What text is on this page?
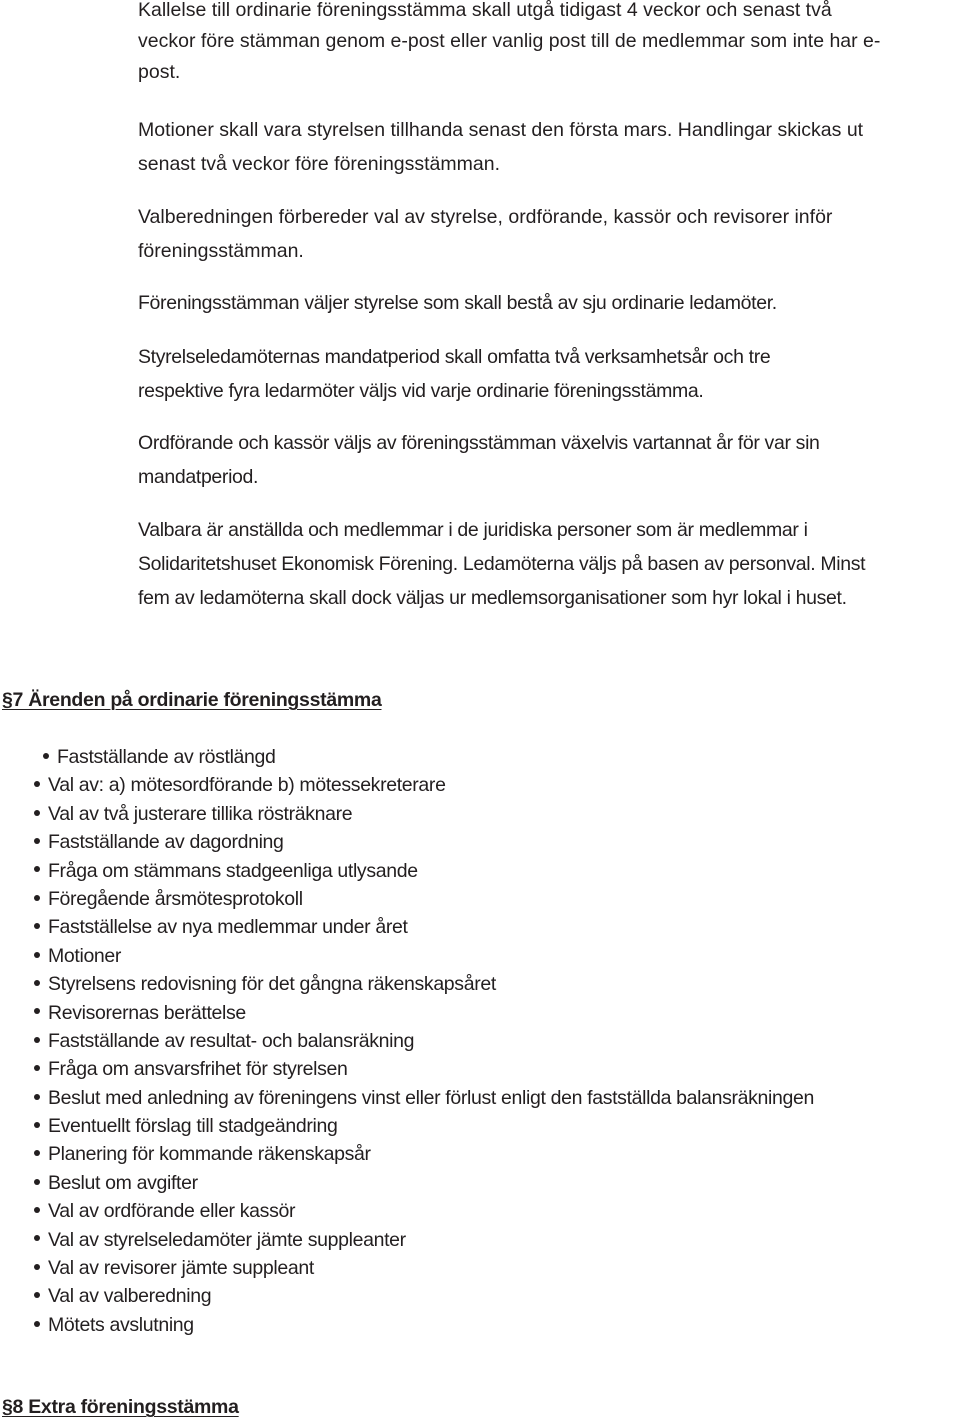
Kallelse till ordinarie föreningsstämma skall utgå tidigast 4 veckor och senast två
veckor före stämman genom e-post eller vanlig post till de medlemmar som inte har e-
post.

Motioner skall vara styrelsen tillhanda senast den första mars. Handlingar skickas ut
senast två veckor före föreningsstämman.

Valberedningen förbereder val av styrelse, ordförande, kassör och revisorer inför
föreningsstämman.

Föreningsstämman väljer styrelse som skall bestå av sju ordinarie ledamöter.

Styrelseledamöternas mandatperiod skall omfatta två verksamhetsår och tre
respektive fyra ledarmöter väljs vid varje ordinarie föreningsstämma.

Ordförande och kassör väljs av föreningsstämman växelvis vartannat år för var sin
mandatperiod.

Valbara är anställda och medlemmar i de juridiska personer som är medlemmar i
Solidaritetshuset Ekonomisk Förening. Ledamöterna väljs på basen av personval. Minst
fem av ledamöterna skall dock väljas ur medlemsorganisationer som hyr lokal i huset.

§7 Ärenden på ordinarie föreningsstämma
Fastställande av röstlängd
Val av: a) mötesordförande b) mötessekreterare
Val av två justerare tillika rösträknare
Fastställande av dagordning
Fråga om stämmans stadgeenliga utlysande
Föregående årsmötesprotokoll
Fastställelse av nya medlemmar under året
Motioner
Styrelsens redovisning för det gångna räkenskapsåret
Revisorernas berättelse
Fastställande av resultat- och balansräkning
Fråga om ansvarsfrihet för styrelsen
Beslut med anledning av föreningens vinst eller förlust enligt den fastställda balansräkningen
Eventuellt förslag till stadgeändring
Planering för kommande räkenskapsår
Beslut om avgifter
Val av ordförande eller kassör
Val av styrelseledamöter jämte suppleanter
Val av revisorer jämte suppleant
Val av valberedning
Mötets avslutning
§8 Extra föreningsstämma
